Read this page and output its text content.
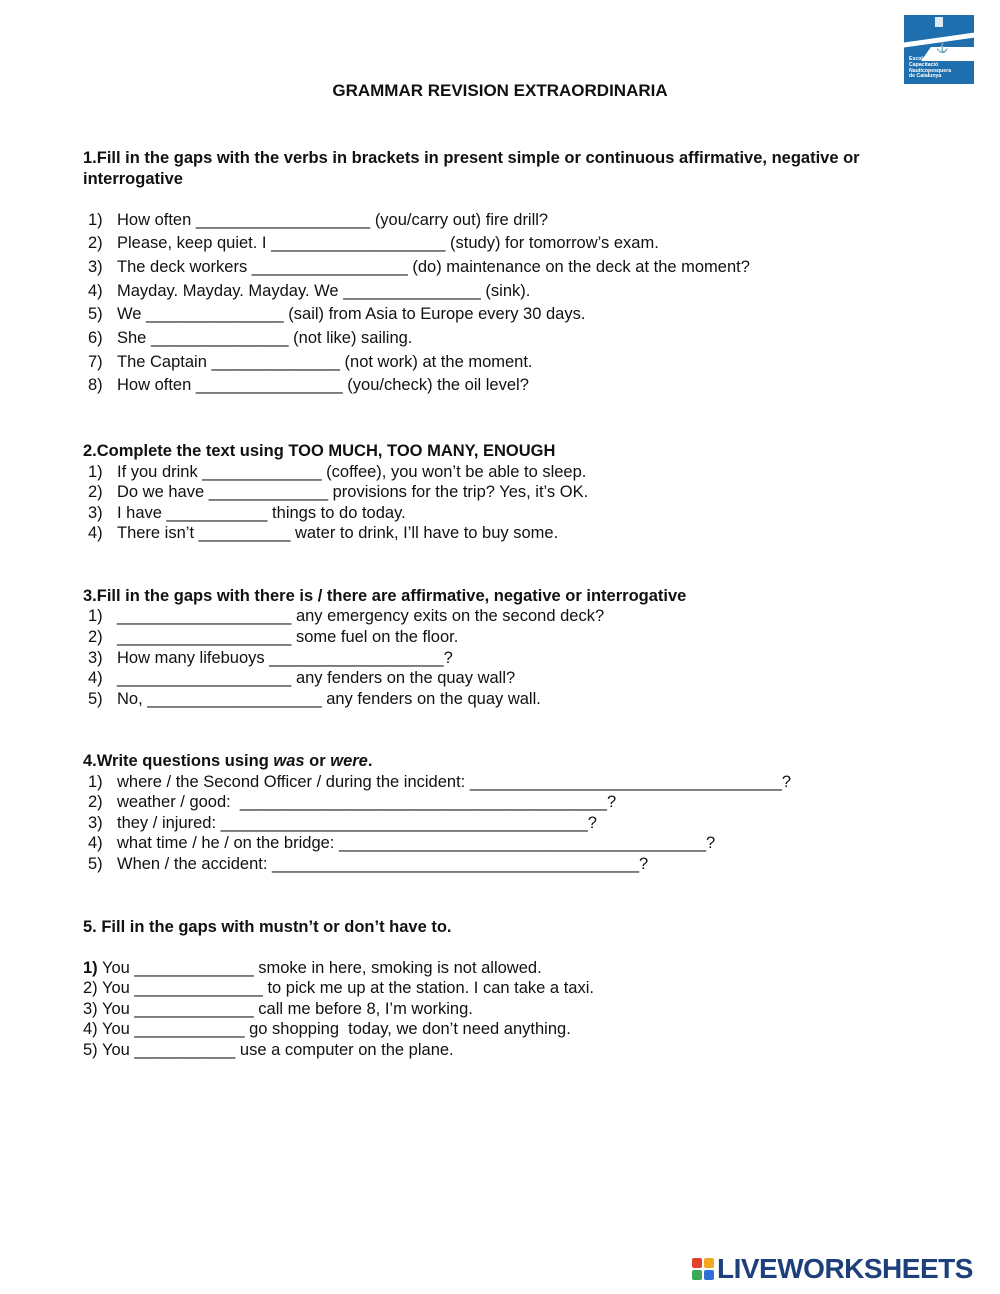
GRAMMAR REVISION EXTRAORDINARIA
⚓
Escola de
Capacitació
Nauticopesquera
de Catalunya
1.Fill in the gaps with the verbs in brackets in present simple or continuous affirmative, negative or interrogative
1) How often ___________________ (you/carry out) fire drill?
2) Please, keep quiet. I ___________________ (study) for tomorrow’s exam.
3) The deck workers _________________ (do) maintenance on the deck at the moment?
4) Mayday. Mayday. Mayday. We _______________ (sink).
5) We _______________ (sail) from Asia to Europe every 30 days.
6) She _______________ (not like) sailing.
7) The Captain ______________ (not work) at the moment.
8) How often ________________ (you/check) the oil level?
2.Complete the text using TOO MUCH, TOO MANY, ENOUGH
1) If you drink _____________ (coffee), you won’t be able to sleep.
2) Do we have _____________ provisions for the trip? Yes, it’s OK.
3) I have ___________ things to do today.
4) There isn’t __________ water to drink, I’ll have to buy some.
3.Fill in the gaps with there is / there are affirmative, negative or interrogative
1) ___________________ any emergency exits on the second deck?
2) ___________________ some fuel on the floor.
3) How many lifebuoys ___________________?
4) ___________________ any fenders on the quay wall?
5) No, ___________________ any fenders on the quay wall.
4.Write questions using was or were.
1) where / the Second Officer / during the incident: __________________________________?
2) weather / good:  ________________________________________?
3) they / injured: ________________________________________?
4) what time / he / on the bridge: ________________________________________?
5) When / the accident: ________________________________________?
5. Fill in the gaps with mustn’t or don’t have to.
1) You _____________ smoke in here, smoking is not allowed.
2) You ______________ to pick me up at the station. I can take a taxi.
3) You _____________ call me before 8, I’m working.
4) You ____________ go shopping  today, we don’t need anything.
5) You ___________ use a computer on the plane.
LIVEWORKSHEETS
